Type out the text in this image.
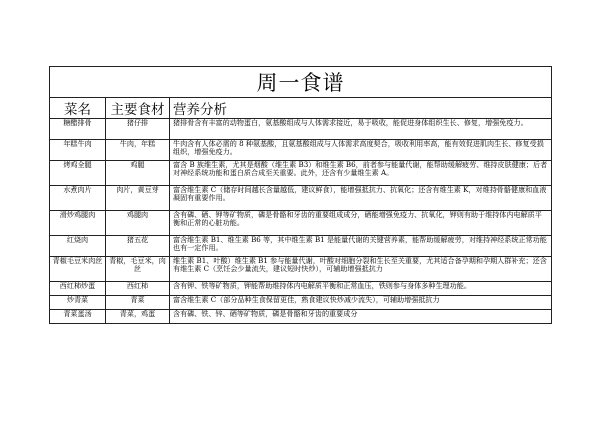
周一食谱		
菜名	主要食材	营养分析
糖醋排骨	猪仔排	猪排骨含有丰富的动物蛋白，氨基酸组成与人体需求接近，易于吸收，能促进身体组织生长、修复，增强免疫力。
年糕牛肉	牛肉，年糕	牛肉含有人体必需的 8 种氨基酸，且氨基酸组成与人体需求高度契合，吸收利用率高，能有效促进肌肉生长、修复受损组织，增强免疫力。
烤鸡全腿	鸡腿	富含 B 族维生素，尤其是烟酸（维生素 B3）和维生素 B6，前者参与能量代谢，能帮助缓解疲劳、维持皮肤健康；后者对神经系统功能和蛋白质合成至关重要。此外，还含有少量维生素 A。
水煮肉片	肉片，黄豆芽	富含维生素 C（储存时间越长含量越低，建议鲜食），能增强抵抗力、抗氧化；还含有维生素 K，对维持骨骼健康和血液凝固有重要作用。
滑炒鸡腿肉	鸡腿肉	含有磷、硒、钾等矿物质，磷是骨骼和牙齿的重要组成成分，硒能增强免疫力、抗氧化，钾则有助于维持体内电解质平衡和正常的心脏功能。
红烧肉	猪五花	富含维生素 B1、维生素 B6 等，其中维生素 B1 是能量代谢的关键营养素，能帮助缓解疲劳，对维持神经系统正常功能也有一定作用。
青椒毛豆米肉丝	青椒，毛豆米，肉丝	维生素 B1、叶酸）维生素 B1 参与能量代谢，叶酸对细胞分裂和生长至关重要，尤其适合备孕期和孕期人群补充；还含有维生素 C（烹饪会少量流失，建议短时快炒），可辅助增强抵抗力
西红柿炒蛋	西红柿	含有钾、铁等矿物质，钾能帮助维持体内电解质平衡和正常血压，铁则参与身体多种生理功能。
炒青菜	青菜	富含维生素 C（部分品种生食保留更佳，熟食建议快炒减少流失），可辅助增强抵抗力
青菜蛋汤	青菜，鸡蛋	含有磷、铁、锌、硒等矿物质，磷是骨骼和牙齿的重要成分
